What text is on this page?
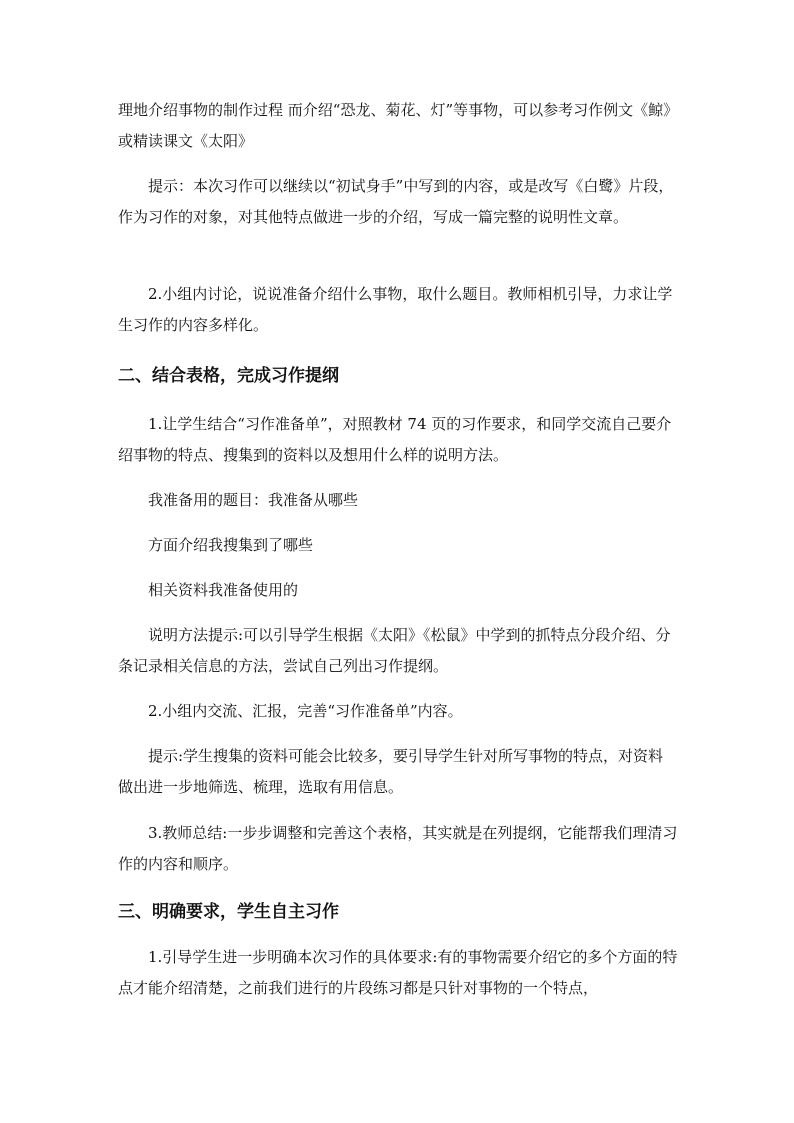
理地介绍事物的制作过程 而介绍“恐龙、菊花、灯”等事物，可以参考习作例文《鲸》或精读课文《太阳》

提示：本次习作可以继续以“初试身手”中写到的内容，或是改写《白鹭》片段，作为习作的对象，对其他特点做进一步的介绍，写成一篇完整的说明性文章。

2.小组内讨论，说说准备介绍什么事物，取什么题目。教师相机引导，力求让学生习作的内容多样化。

二、结合表格，完成习作提纲

1.让学生结合“习作准备单”，对照教材 74 页的习作要求，和同学交流自己要介绍事物的特点、搜集到的资料以及想用什么样的说明方法。

我准备用的题目：我准备从哪些

方面介绍我搜集到了哪些

相关资料我准备使用的

说明方法提示:可以引导学生根据《太阳》《松鼠》中学到的抓特点分段介绍、分条记录相关信息的方法，尝试自己列出习作提纲。

2.小组内交流、汇报，完善“习作准备单”内容。

提示:学生搜集的资料可能会比较多，要引导学生针对所写事物的特点，对资料做出进一步地筛选、梳理，选取有用信息。

3.教师总结:一步步调整和完善这个表格，其实就是在列提纲，它能帮我们理清习作的内容和顺序。

三、明确要求，学生自主习作

1.引导学生进一步明确本次习作的具体要求:有的事物需要介绍它的多个方面的特点才能介绍清楚，之前我们进行的片段练习都是只针对事物的一个特点，
